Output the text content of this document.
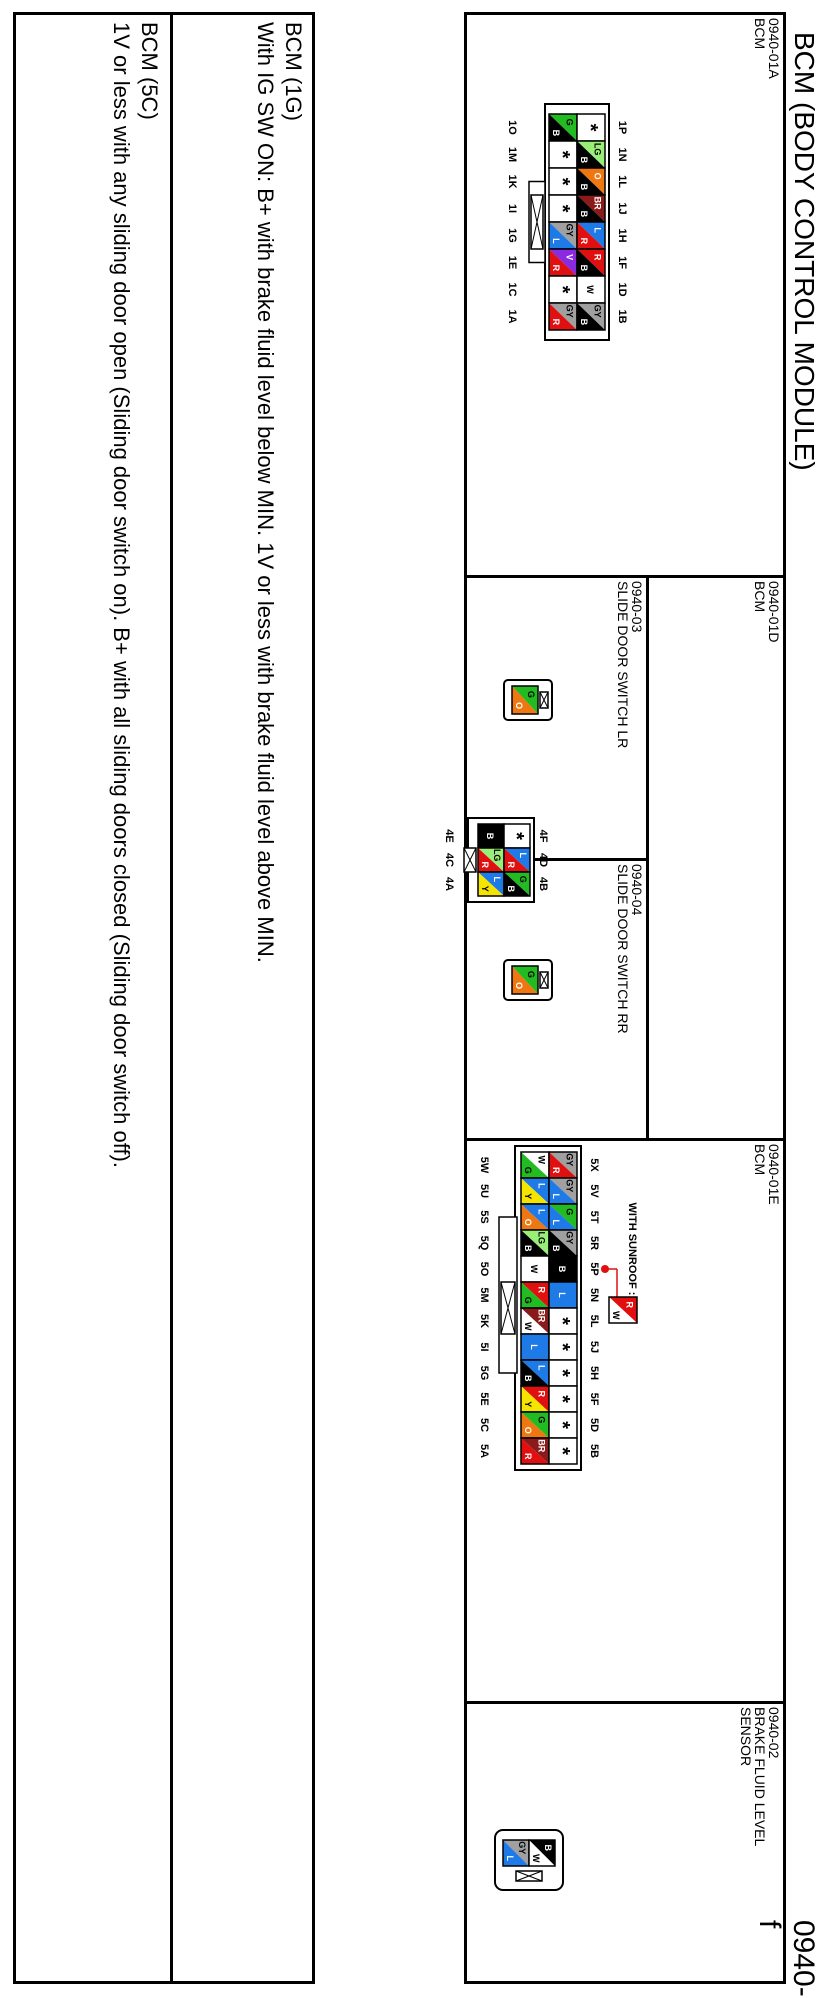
BCM (BODY CONTROL MODULE)
0940-f
0940-01A
BCM
0940-01D
BCM
0940-03
SLIDE DOOR SWITCH LR
0940-04
SLIDE DOOR SWITCH RR
0940-01E
BCM
0940-02
BRAKE FLUID LEVEL SENSOR
BCM (1G)
With IG SW ON: B+ with brake fluid level below MIN. 1V or less with brake fluid level above MIN.
BCM (5C)
1V or less with any sliding door open (Sliding door switch on). B+ with all sliding doors closed (Sliding door switch off).	G
B
*
*
*
GY
L
V
R
*
GY
R
*
LG
B
O
B
BR
B
L
R
R
B
W
GY
B
1O
1M
1K
1I
1G
1E
1C
1A
1P
1N
1L
1J
1H
1F
1D
1B
B
LG
R
L
Y
*
L
R
G
B
4E
4C
4A
4F
4D
4B
G
O
G
O
W
G
L
Y
L
O
LG
B
W
R
G
BR
W
L
L
B
R
Y
G
O
BR
R
GY
R
GY
L
G
L
GY
B
B
L
*
*
*
*
*
*
5W
5U
5S
5Q
5O
5M
5K
5I
5G
5E
5C
5A
5X
5V
5T
5R
5P
5N
5L
5J
5H
5F
5D
5B
R
W
WITH SUNROOF :
GY
L
B
W
